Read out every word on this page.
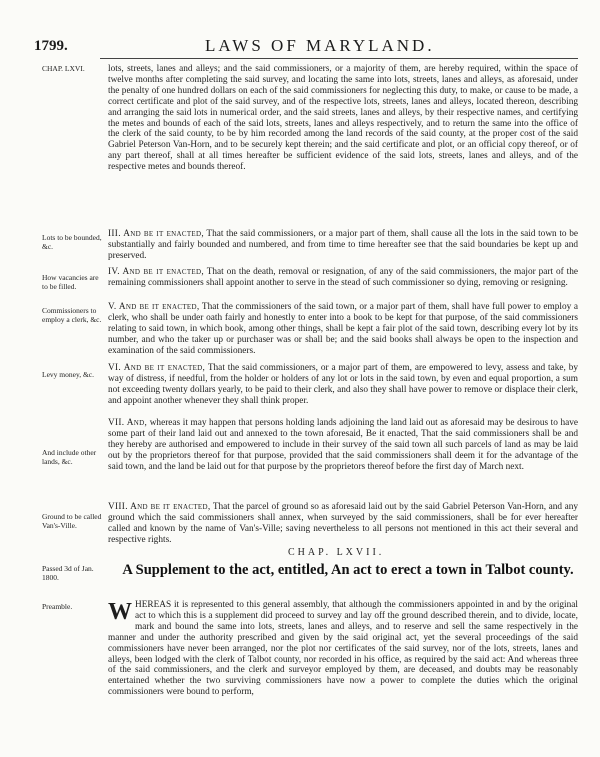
1799.	LAWS OF MARYLAND.
CHAP. LXVI.
Lots to be bounded, &c.
How vacancies are to be filled.
Commissioners to employ a clerk, &c.
Levy money, &c.
And include other lands, &c.
Ground to be called Van's-Ville.
Passed 3d of Jan. 1800.
Preamble.
lots, streets, lanes and alleys; and the said commissioners, or a majority of them, are hereby required, within the space of twelve months after completing the said survey, and locating the same into lots, streets, lanes and alleys, as aforesaid, under the penalty of one hundred dollars on each of the said commissioners for neglecting this duty, to make, or cause to be made, a correct certificate and plot of the said survey, and of the respective lots, streets, lanes and alleys, located thereon, describing and arranging the said lots in numerical order, and the said streets, lanes and alleys, by their respective names, and certifying the metes and bounds of each of the said lots, streets, lanes and alleys respectively, and to return the same into the office of the clerk of the said county, to be by him recorded among the land records of the said county, at the proper cost of the said Gabriel Peterson Van-Horn, and to be securely kept therein; and the said certificate and plot, or an official copy thereof, or of any part thereof, shall at all times hereafter be sufficient evidence of the said lots, streets, lanes and alleys, and of the respective metes and bounds thereof.
III. And be it enacted, That the said commissioners, or a major part of them, shall cause all the lots in the said town to be substantially and fairly bounded and numbered, and from time to time hereafter see that the said boundaries be kept up and preserved.
IV. And be it enacted, That on the death, removal or resignation, of any of the said commissioners, the major part of the remaining commissioners shall appoint another to serve in the stead of such commissioner so dying, removing or resigning.
V. And be it enacted, That the commissioners of the said town, or a major part of them, shall have full power to employ a clerk, who shall be under oath fairly and honestly to enter into a book to be kept for that purpose, of the said commissioners relating to said town, in which book, among other things, shall be kept a fair plot of the said town, describing every lot by its number, and who the taker up or purchaser was or shall be; and the said books shall always be open to the inspection and examination of the said commissioners.
VI. And be it enacted, That the said commissioners, or a major part of them, are empowered to levy, assess and take, by way of distress, if needful, from the holder or holders of any lot or lots in the said town, by even and equal proportion, a sum not exceeding twenty dollars yearly, to be paid to their clerk, and also they shall have power to remove or displace their clerk, and appoint another whenever they shall think proper.
VII. And, whereas it may happen that persons holding lands adjoining the land laid out as aforesaid may be desirous to have some part of their land laid out and annexed to the town aforesaid, Be it enacted, That the said commissioners shall be and they hereby are authorised and empowered to include in their survey of the said town all such parcels of land as may be laid out by the proprietors thereof for that purpose, provided that the said commissioners shall deem it for the advantage of the said town, and the land be laid out for that purpose by the proprietors thereof before the first day of March next.
VIII. And be it enacted, That the parcel of ground so as aforesaid laid out by the said Gabriel Peterson Van-Horn, and any ground which the said commissioners shall annex, when surveyed by the said commissioners, shall be for ever hereafter called and known by the name of Van's-Ville; saving nevertheless to all persons not mentioned in this act their several and respective rights.
CHAP. LXVII.
A Supplement to the act, entitled, An act to erect a town in Talbot county.
WHEREAS it is represented to this general assembly, that although the commissioners appointed in and by the original act to which this is a supplement did proceed to survey and lay off the ground described therein, and to divide, locate, mark and bound the same into lots, streets, lanes and alleys, and to reserve and sell the same respectively in the manner and under the authority prescribed and given by the said original act, yet the several proceedings of the said commissioners have never been arranged, nor the plot nor certificates of the said survey, nor of the lots, streets, lanes and alleys, been lodged with the clerk of Talbot county, nor recorded in his office, as required by the said act: And whereas three of the said commissioners, and the clerk and surveyor employed by them, are deceased, and doubts may be reasonably entertained whether the two surviving commissioners have now a power to complete the duties which the original commissioners were bound to perform,
